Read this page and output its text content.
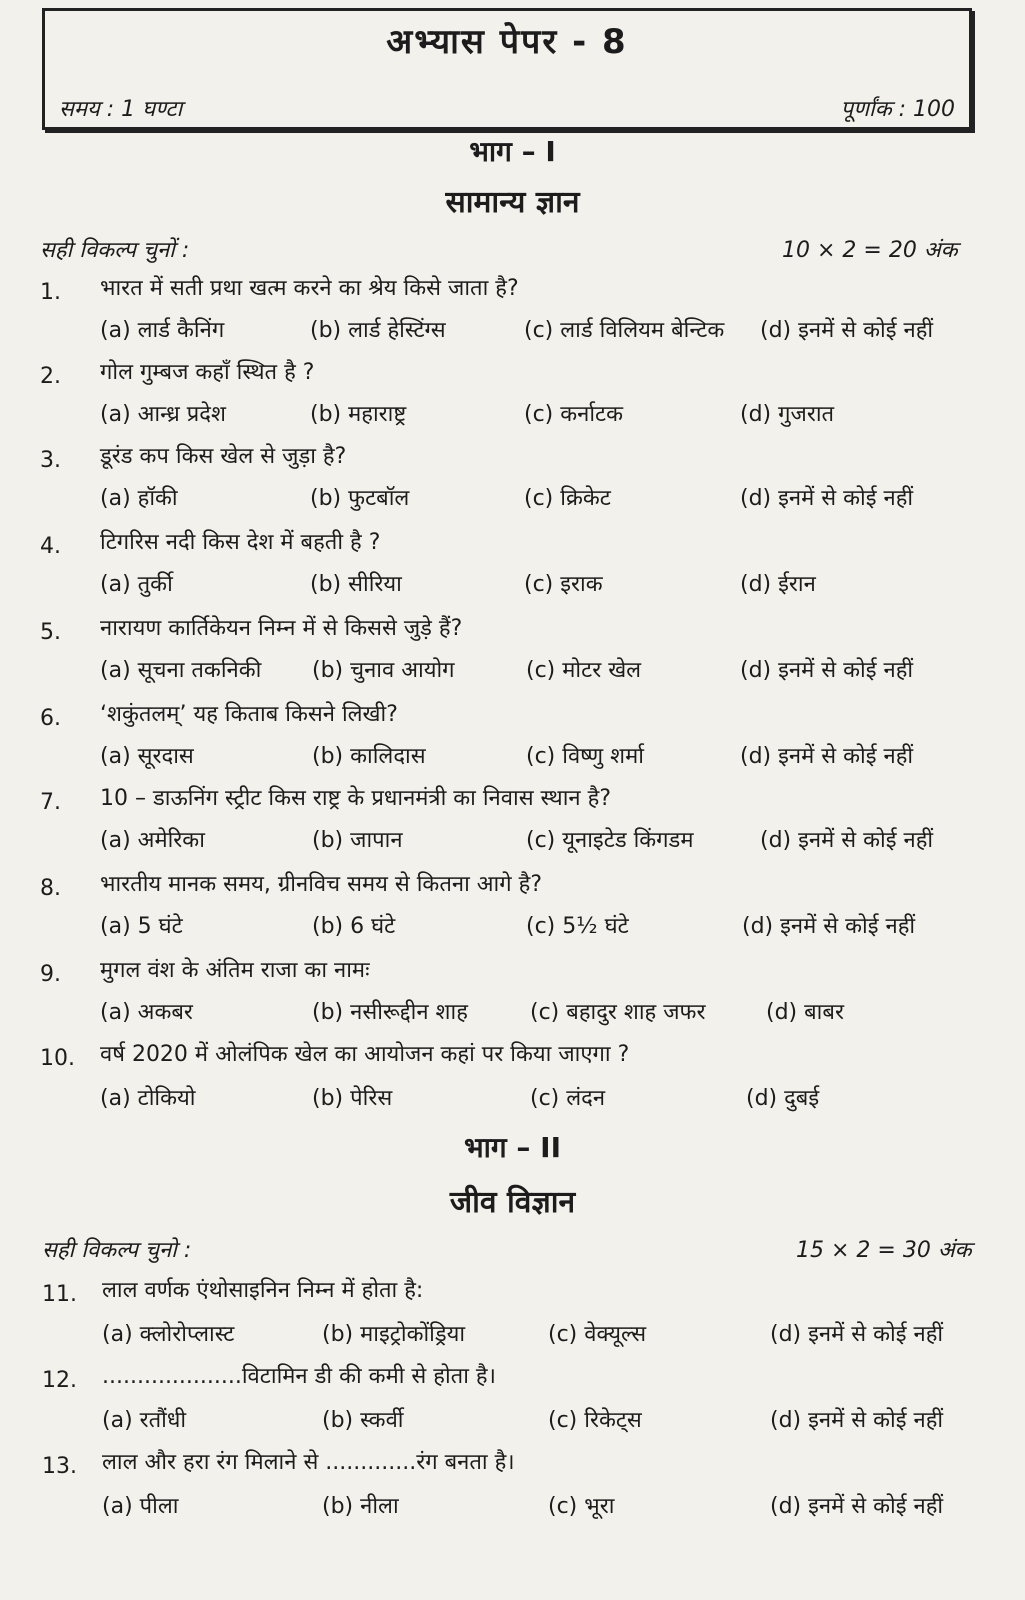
अभ्यास पेपर - 8
समय : 1 घण्टा	पूर्णांक : 100
भाग – I
सामान्य ज्ञान
सही विकल्प चुनों :	10 × 2 = 20 अंक
1. भारत में सती प्रथा खत्म करने का श्रेय किसे जाता है?
(a) लार्ड कैनिंग	(b) लार्ड हेस्टिंग्स	(c) लार्ड विलियम बेन्टिक (d) इनमें से कोई नहीं
2. गोल गुम्बज कहाँ स्थित है ?
(a) आन्ध्र प्रदेश	(b) महाराष्ट्र	(c) कर्नाटक	(d) गुजरात
3. डूरंड कप किस खेल से जुड़ा है?
(a) हॉकी	(b) फुटबॉल	(c) क्रिकेट	(d) इनमें से कोई नहीं
4. टिगरिस नदी किस देश में बहती है ?
(a) तुर्की	(b) सीरिया	(c) इराक	(d) ईरान
5. नारायण कार्तिकेयन निम्न में से किससे जुड़े हैं?
(a) सूचना तकनिकी (b) चुनाव आयोग	(c) मोटर खेल	(d) इनमें से कोई नहीं
6. ‘शकुंतलम्’ यह किताब किसने लिखी?
(a) सूरदास	(b) कालिदास	(c) विष्णु शर्मा	(d) इनमें से कोई नहीं
7. 10 – डाऊनिंग स्ट्रीट किस राष्ट्र के प्रधानमंत्री का निवास स्थान है?
(a) अमेरिका	(b) जापान	(c) यूनाइटेड किंगडम	(d) इनमें से कोई नहीं
8. भारतीय मानक समय, ग्रीनविच समय से कितना आगे है?
(a) 5 घंटे	(b) 6 घंटे	(c) 5½ घंटे	(d) इनमें से कोई नहीं
9. मुगल वंश के अंतिम राजा का नामः
(a) अकबर	(b) नसीरूद्दीन शाह	(c) बहादुर शाह जफर	(d) बाबर
10. वर्ष 2020 में ओलंपिक खेल का आयोजन कहां पर किया जाएगा ?
(a) टोकियो	(b) पेरिस	(c) लंदन	(d) दुबई
भाग – II
जीव विज्ञान
सही विकल्प चुनो :	15 × 2 = 30 अंक
11. लाल वर्णक एंथोसाइनिन निम्न में होता है:
(a) क्लोरोप्लास्ट	(b) माइट्रोकोंड्रिया	(c) वेक्यूल्स	(d) इनमें से कोई नहीं
12. ....................विटामिन डी की कमी से होता है।
(a) रतौंधी	(b) स्कर्वी	(c) रिकेट्स	(d) इनमें से कोई नहीं
13. लाल और हरा रंग मिलाने से .............रंग बनता है।
(a) पीला	(b) नीला	(c) भूरा	(d) इनमें से कोई नहीं
